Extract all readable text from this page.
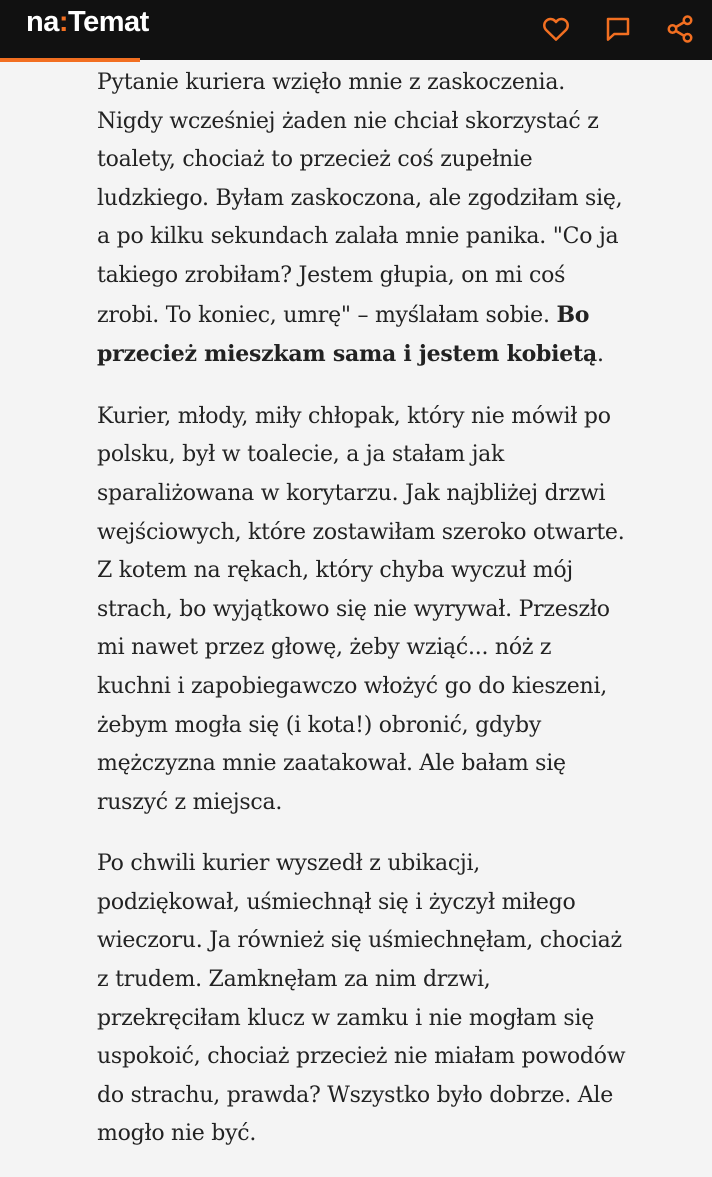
na:Temat

Pytanie kuriera wzięło mnie z zaskoczenia. Nigdy wcześniej żaden nie chciał skorzystać z toalety, chociaż to przecież coś zupełnie ludzkiego. Byłam zaskoczona, ale zgodziłam się, a po kilku sekundach zalała mnie panika. "Co ja takiego zrobiłam? Jestem głupia, on mi coś zrobi. To koniec, umrę" – myślałam sobie. Bo przecież mieszkam sama i jestem kobietą.

Kurier, młody, miły chłopak, który nie mówił po polsku, był w toalecie, a ja stałam jak sparaliżowana w korytarzu. Jak najbliżej drzwi wejściowych, które zostawiłam szeroko otwarte. Z kotem na rękach, który chyba wyczuł mój strach, bo wyjątkowo się nie wyrywał. Przeszło mi nawet przez głowę, żeby wziąć... nóż z kuchni i zapobiegawczo włożyć go do kieszeni, żebym mogła się (i kota!) obronić, gdyby mężczyzna mnie zaatakował. Ale bałam się ruszyć z miejsca.

Po chwili kurier wyszedł z ubikacji, podziękował, uśmiechnął się i życzył miłego wieczoru. Ja również się uśmiechnęłam, chociaż z trudem. Zamknęłam za nim drzwi, przekręciłam klucz w zamku i nie mogłam się uspokoić, chociaż przecież nie miałam powodów do strachu, prawda? Wszystko było dobrze. Ale mogło nie być.
